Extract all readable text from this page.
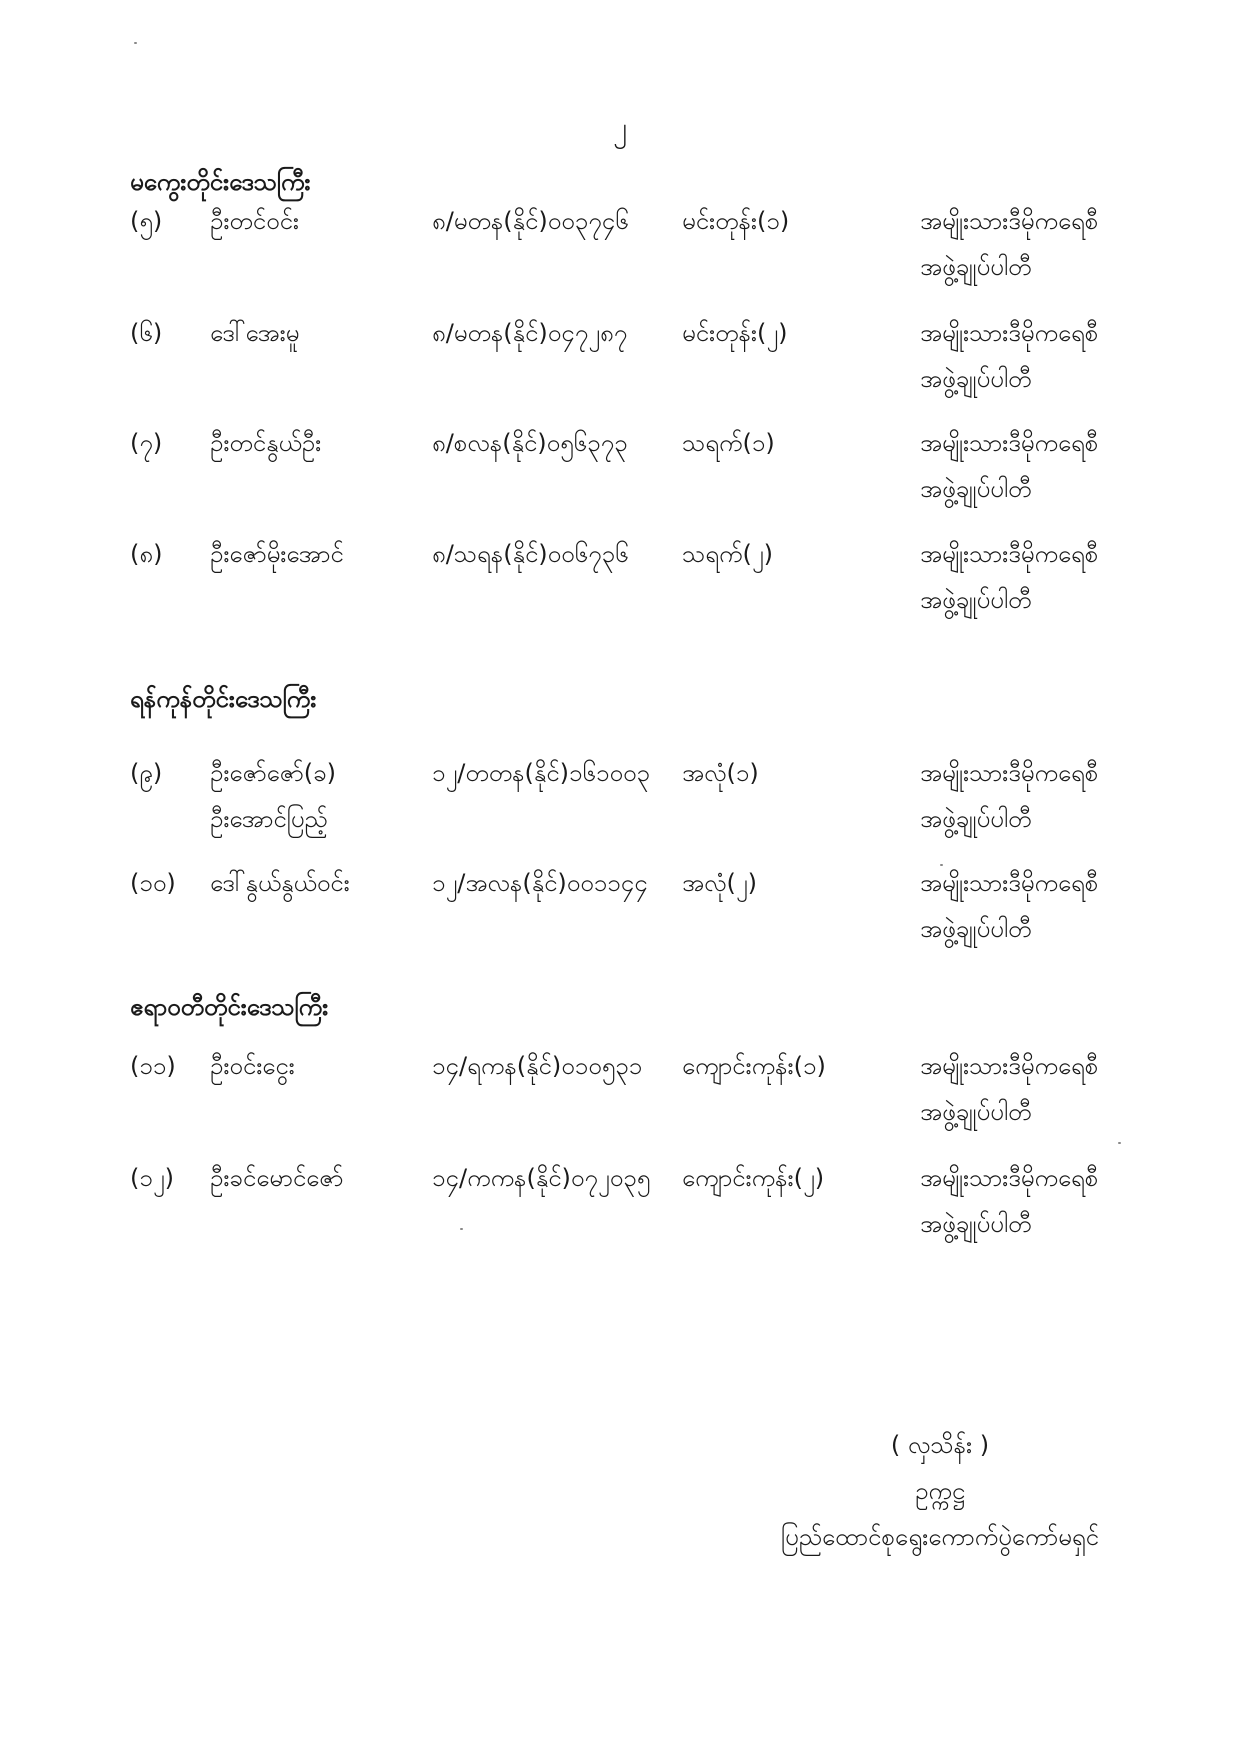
၂
မကွေးတိုင်းဒေသကြီး
(၅) ဦးတင်ဝင်း	၈/မတန(နိုင်)၀၀၃၇၄၆ မင်းတုန်း(၁)	အမျိုးသားဒီမိုကရေစီ
အဖွဲ့ချုပ်ပါတီ
(၆) ဒေါ်အေးမူ	၈/မတန(နိုင်)၀၄၇၂၈၇ မင်းတုန်း(၂)	အမျိုးသားဒီမိုကရေစီ
အဖွဲ့ချုပ်ပါတီ
(၇) ဦးတင်နွယ်ဦး	၈/စလန(နိုင်)၀၅၆၃၇၃ သရက်(၁)	အမျိုးသားဒီမိုကရေစီ
အဖွဲ့ချုပ်ပါတီ
(၈) ဦးဇော်မိုးအောင်	၈/သရန(နိုင်)၀၀၆၇၃၆ သရက်(၂)	အမျိုးသားဒီမိုကရေစီ
အဖွဲ့ချုပ်ပါတီ
ရန်ကုန်တိုင်းဒေသကြီး
(၉) ဦးဇော်ဇော်(ခ)
ဦးအောင်ပြည့်
၁၂/တတန(နိုင်)၁၆၁၀၀၃ အလုံ(၁)	အမျိုးသားဒီမိုကရေစီ
အဖွဲ့ချုပ်ပါတီ
(၁၀) ဒေါ်နွယ်နွယ်ဝင်း	၁၂/အလန(နိုင်)၀၀၁၁၄၄ အလုံ(၂)	အမျိုးသားဒီမိုကရေစီ
အဖွဲ့ချုပ်ပါတီ
ဧရာဝတီတိုင်းဒေသကြီး
(၁၁) ဦးဝင်းငွေး	၁၄/ရကန(နိုင်)၀၁၀၅၃၁ ကျောင်းကုန်း(၁)	အမျိုးသားဒီမိုကရေစီ
အဖွဲ့ချုပ်ပါတီ
(၁၂) ဦးခင်မောင်ဇော်	၁၄/ကကန(နိုင်)၀၇၂၀၃၅ ကျောင်းကုန်း(၂)	အမျိုးသားဒီမိုကရေစီ
အဖွဲ့ချုပ်ပါတီ
( လှသိန်း )
ဥက္ကဋ္ဌ
ပြည်ထောင်စုရွေးကောက်ပွဲကော်မရှင်
